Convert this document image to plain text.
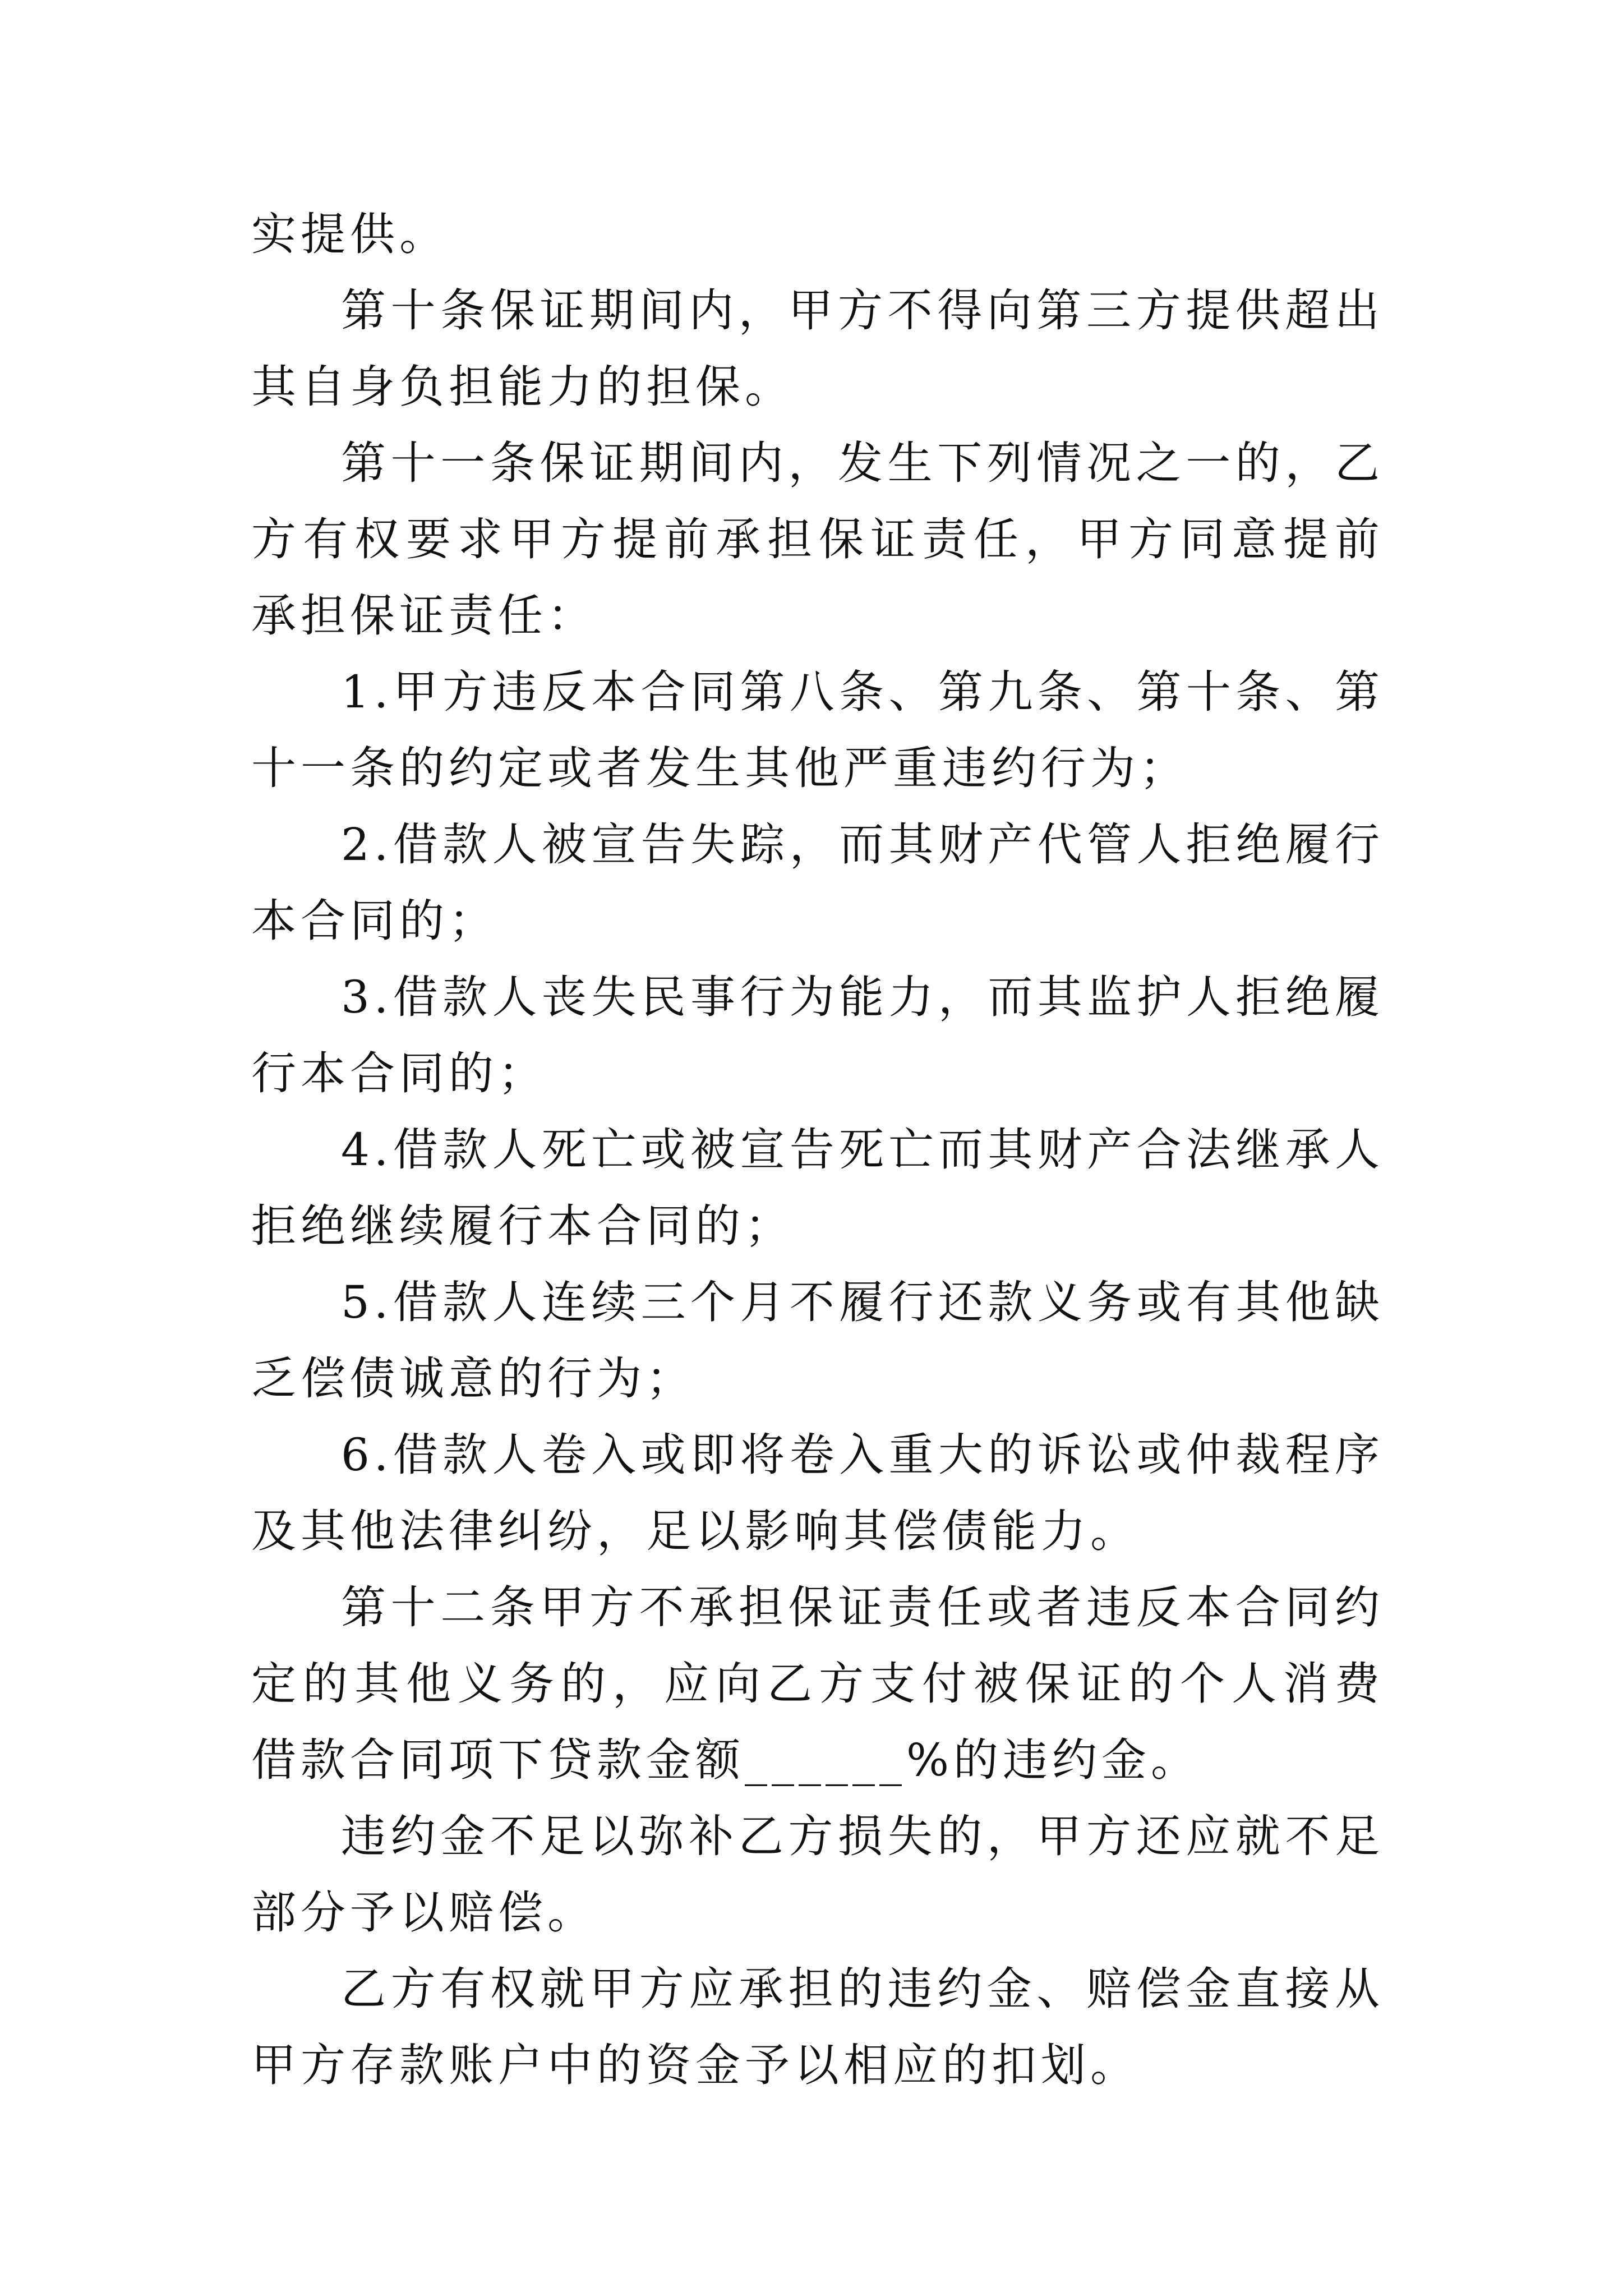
实提供。

第十条保证期间内，甲方不得向第三方提供超出其自身负担能力的担保。

第十一条保证期间内，发生下列情况之一的，乙方有权要求甲方提前承担保证责任，甲方同意提前承担保证责任：

1.甲方违反本合同第八条、第九条、第十条、第十一条的约定或者发生其他严重违约行为；

2.借款人被宣告失踪，而其财产代管人拒绝履行本合同的；

3.借款人丧失民事行为能力，而其监护人拒绝履行本合同的；

4.借款人死亡或被宣告死亡而其财产合法继承人拒绝继续履行本合同的；

5.借款人连续三个月不履行还款义务或有其他缺乏偿债诚意的行为；

6.借款人卷入或即将卷入重大的诉讼或仲裁程序及其他法律纠纷，足以影响其偿债能力。

第十二条甲方不承担保证责任或者违反本合同约定的其他义务的，应向乙方支付被保证的个人消费借款合同项下贷款金额______%的违约金。

违约金不足以弥补乙方损失的，甲方还应就不足部分予以赔偿。

乙方有权就甲方应承担的违约金、赔偿金直接从甲方存款账户中的资金予以相应的扣划。
